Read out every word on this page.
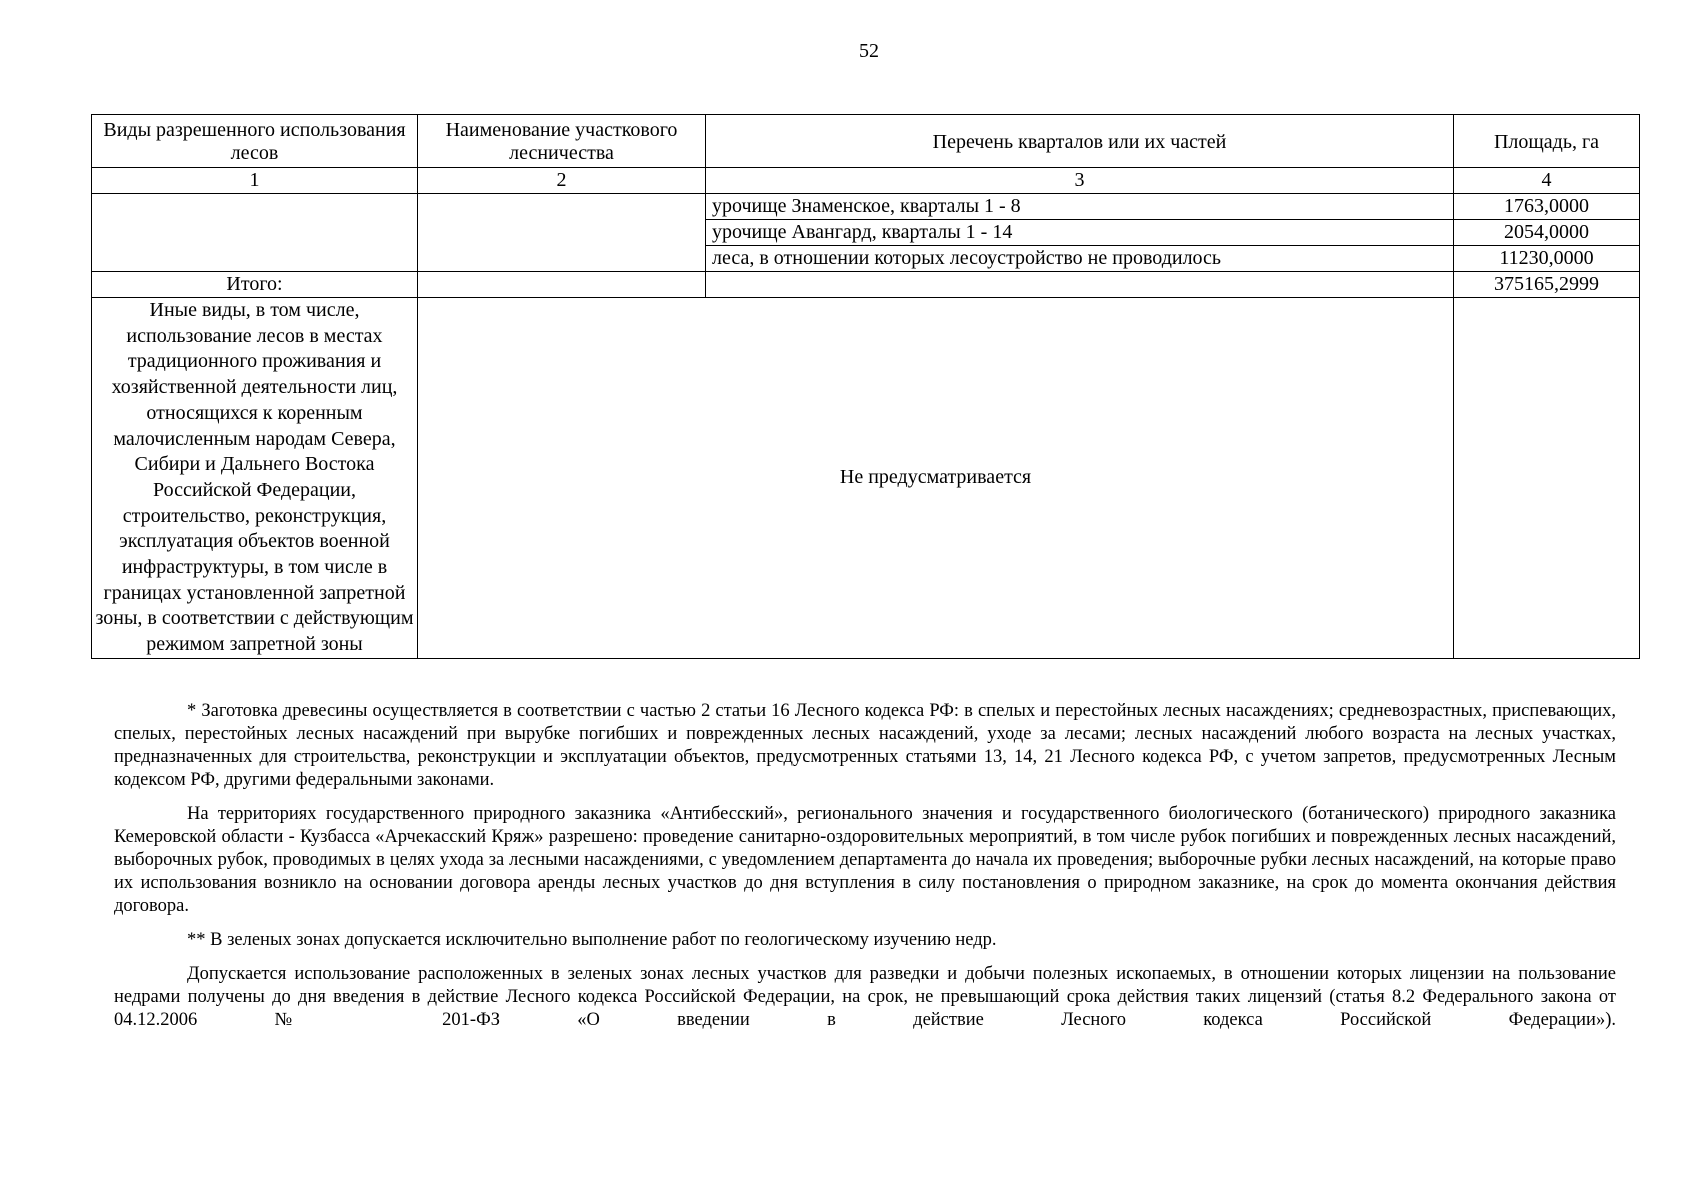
52
Виды разрешенного использования лесов	Наименование участкового лесничества	Перечень кварталов или их частей	Площадь, га
1	2	3	4
		урочище Знаменское, кварталы 1 - 8	1763,0000
		урочище Авангард, кварталы 1 - 14	2054,0000
		леса, в отношении которых лесоустройство не проводилось	11230,0000
Итого:			375165,2999
Иные виды, в том числе, использование лесов в местах традиционного проживания и хозяйственной деятельности лиц, относящихся к коренным малочисленным народам Севера, Сибири и Дальнего Востока Российской Федерации, строительство, реконструкция, эксплуатация объектов военной инфраструктуры, в том числе в границах установленной запретной зоны, в соответствии с действующим режимом запретной зоны	Не предусматривается		

* Заготовка древесины осуществляется в соответствии с частью 2 статьи 16 Лесного кодекса РФ: в спелых и перестойных лесных насаждениях; средневозрастных, приспевающих, спелых, перестойных лесных насаждений при вырубке погибших и поврежденных лесных насаждений, уходе за лесами; лесных насаждений любого возраста на лесных участках, предназначенных для строительства, реконструкции и эксплуатации объектов, предусмотренных статьями 13, 14, 21 Лесного кодекса РФ, с учетом запретов, предусмотренных Лесным кодексом РФ, другими федеральными законами.

На территориях государственного природного заказника «Антибесский», регионального значения и государственного биологического (ботанического) природного заказника Кемеровской области - Кузбасса «Арчекасский Кряж» разрешено: проведение санитарно-оздоровительных мероприятий, в том числе рубок погибших и поврежденных лесных насаждений, выборочных рубок, проводимых в целях ухода за лесными насаждениями, с уведомлением департамента до начала их проведения; выборочные рубки лесных насаждений, на которые право их использования возникло на основании договора аренды лесных участков до дня вступления в силу постановления о природном заказнике, на срок до момента окончания действия договора.

** В зеленых зонах допускается исключительно выполнение работ по геологическому изучению недр.

Допускается использование расположенных в зеленых зонах лесных участков для разведки и добычи полезных ископаемых, в отношении которых лицензии на пользование недрами получены до дня введения в действие Лесного кодекса Российской Федерации, на срок, не превышающий срока действия таких лицензий (статья 8.2 Федерального закона от 04.12.2006 № 201-ФЗ «О введении в действие Лесного кодекса Российской Федерации»).
